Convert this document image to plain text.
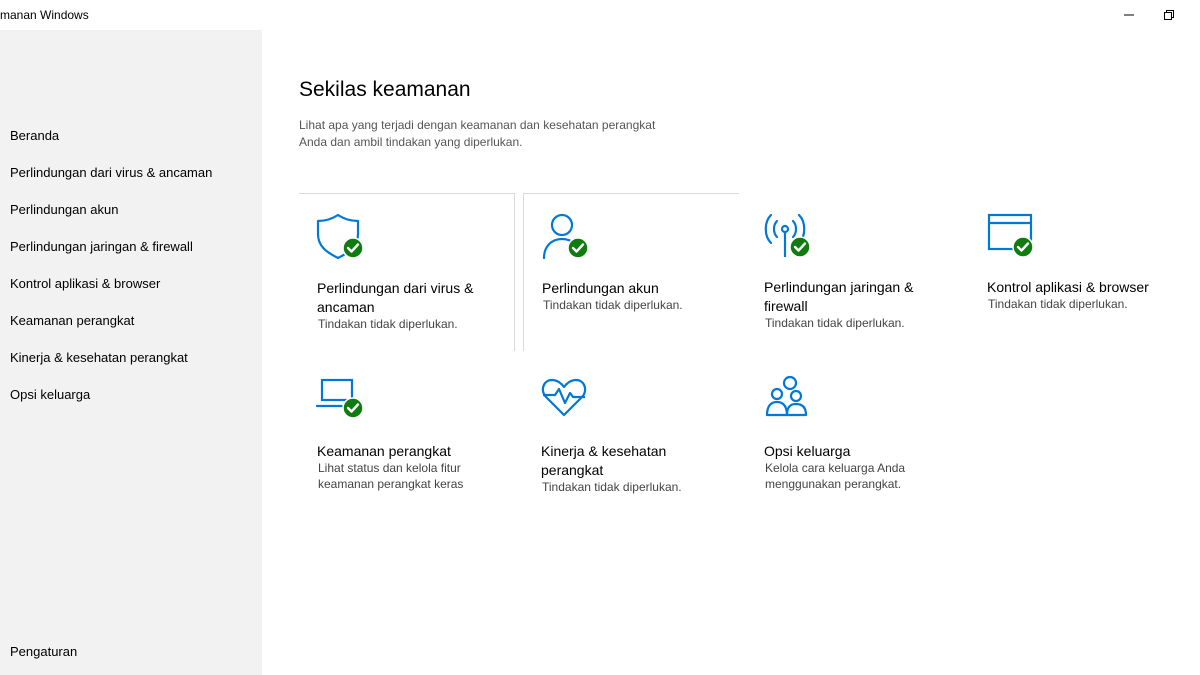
manan Windows
Beranda
Perlindungan dari virus & ancaman
Perlindungan akun
Perlindungan jaringan & firewall
Kontrol aplikasi & browser
Keamanan perangkat
Kinerja & kesehatan perangkat
Opsi keluarga
Pengaturan
Sekilas keamanan

Lihat apa yang terjadi dengan keamanan dan kesehatan perangkat Anda dan ambil tindakan yang diperlukan.

Perlindungan dari virus & ancaman
Tindakan tidak diperlukan.
Perlindungan akun
Tindakan tidak diperlukan.
Perlindungan jaringan & firewall
Tindakan tidak diperlukan.
Kontrol aplikasi & browser
Tindakan tidak diperlukan.
Keamanan perangkat
Lihat status dan kelola fitur keamanan perangkat keras
Kinerja & kesehatan perangkat
Tindakan tidak diperlukan.
Opsi keluarga
Kelola cara keluarga Anda menggunakan perangkat.
